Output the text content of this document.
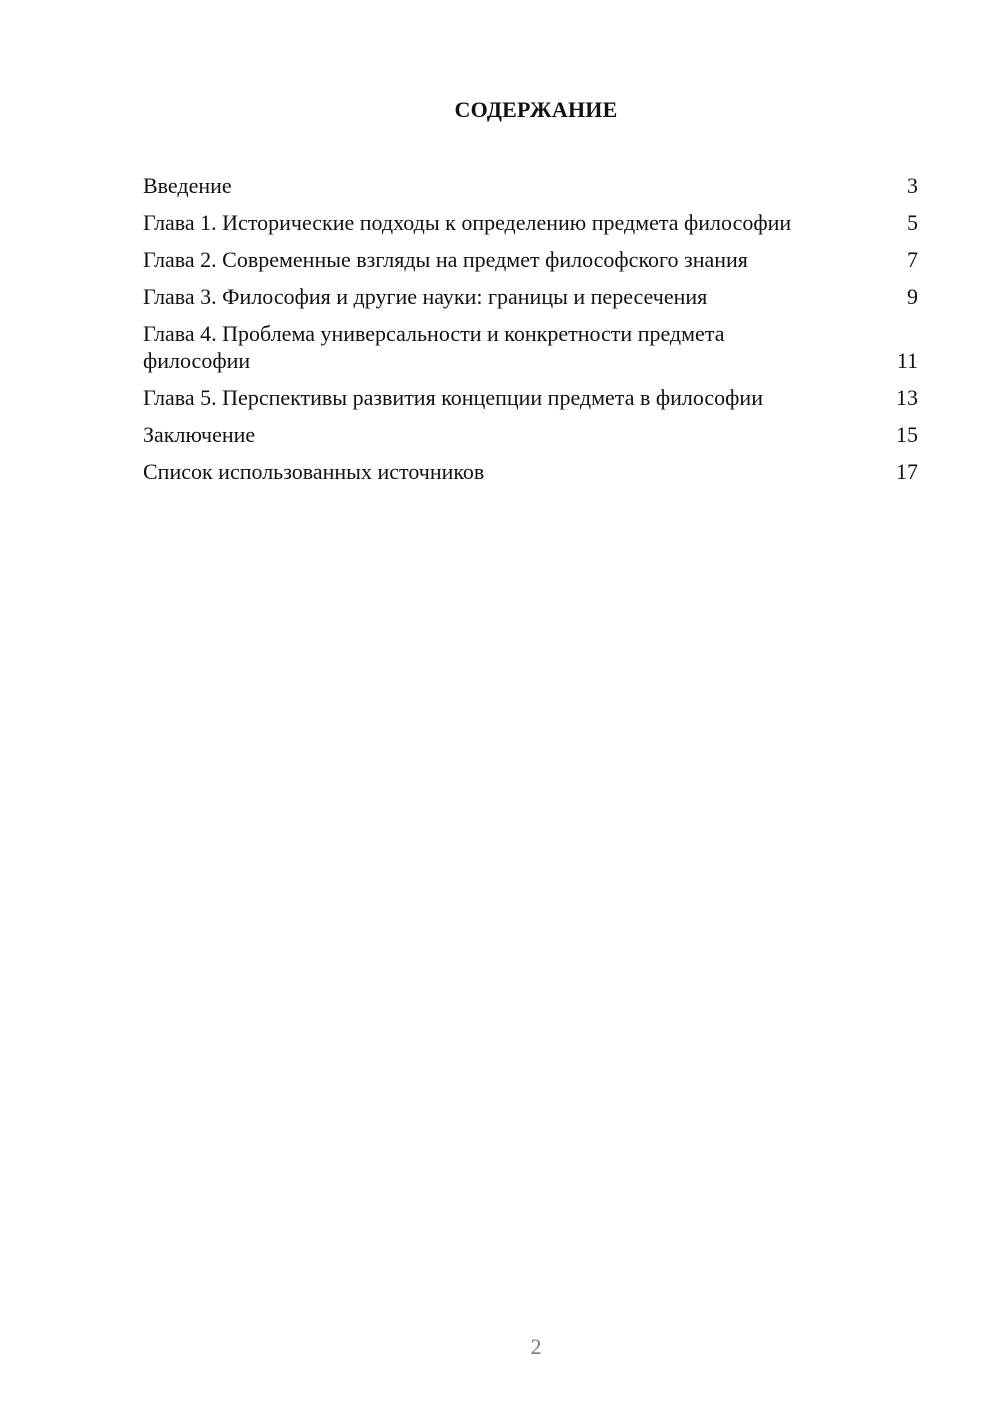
СОДЕРЖАНИЕ
Введение	3
Глава 1. Исторические подходы к определению предмета философии	5
Глава 2. Современные взгляды на предмет философского знания	7
Глава 3. Философия и другие науки: границы и пересечения	9
Глава 4. Проблема универсальности и конкретности предмета философии	11
Глава 5. Перспективы развития концепции предмета в философии	13
Заключение	15
Список использованных источников	17
2
